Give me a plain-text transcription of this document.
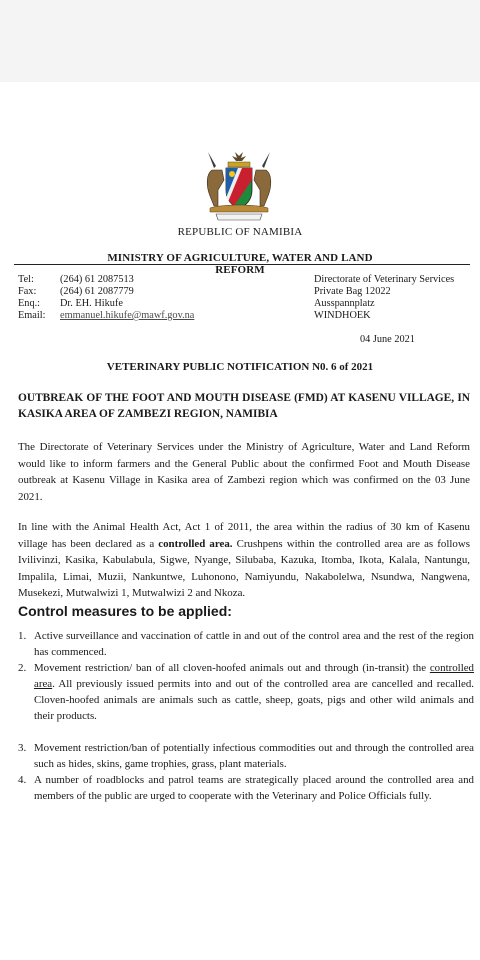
REPUBLIC OF NAMIBIA
MINISTRY OF AGRICULTURE, WATER AND LAND REFORM
Tel:	(264) 61 2087513
Fax:	(264) 61 2087779
Enq.:	Dr. EH. Hikufe
Email:	emmanuel.hikufe@mawf.gov.na
Directorate of Veterinary Services
Private Bag 12022
Ausspannplatz
WINDHOEK
04 June 2021
VETERINARY PUBLIC NOTIFICATION N0. 6 of 2021
OUTBREAK OF THE FOOT AND MOUTH DISEASE (FMD) AT KASENU VILLAGE, IN KASIKA AREA OF ZAMBEZI REGION, NAMIBIA
The Directorate of Veterinary Services under the Ministry of Agriculture, Water and Land Reform would like to inform farmers and the General Public about the confirmed Foot and Mouth Disease outbreak at Kasenu Village in Kasika area of Zambezi region which was confirmed on the 03 June 2021.
In line with the Animal Health Act, Act 1 of 2011, the area within the radius of 30 km of Kasenu village has been declared as a controlled area. Crushpens within the controlled area are as follows Ivilivinzi, Kasika, Kabulabula, Sigwe, Nyange, Silubaba, Kazuka, Itomba, Ikota, Kalala, Nantungu, Impalila, Limai, Muzii, Nankuntwe, Luhonono, Namiyundu, Nakabolelwa, Nsundwa, Nangwena, Musekezi, Mutwalwizi 1, Mutwalwizi 2 and Nkoza.
Control measures to be applied:
1. Active surveillance and vaccination of cattle in and out of the control area and the rest of the region has commenced.
2. Movement restriction/ ban of all cloven-hoofed animals out and through (in-transit) the controlled area. All previously issued permits into and out of the controlled area are cancelled and recalled. Cloven-hoofed animals are animals such as cattle, sheep, goats, pigs and other wild animals and their products.
3. Movement restriction/ban of potentially infectious commodities out and through the controlled area such as hides, skins, game trophies, grass, plant materials.
4. A number of roadblocks and patrol teams are strategically placed around the controlled area and members of the public are urged to cooperate with the Veterinary and Police Officials fully.
